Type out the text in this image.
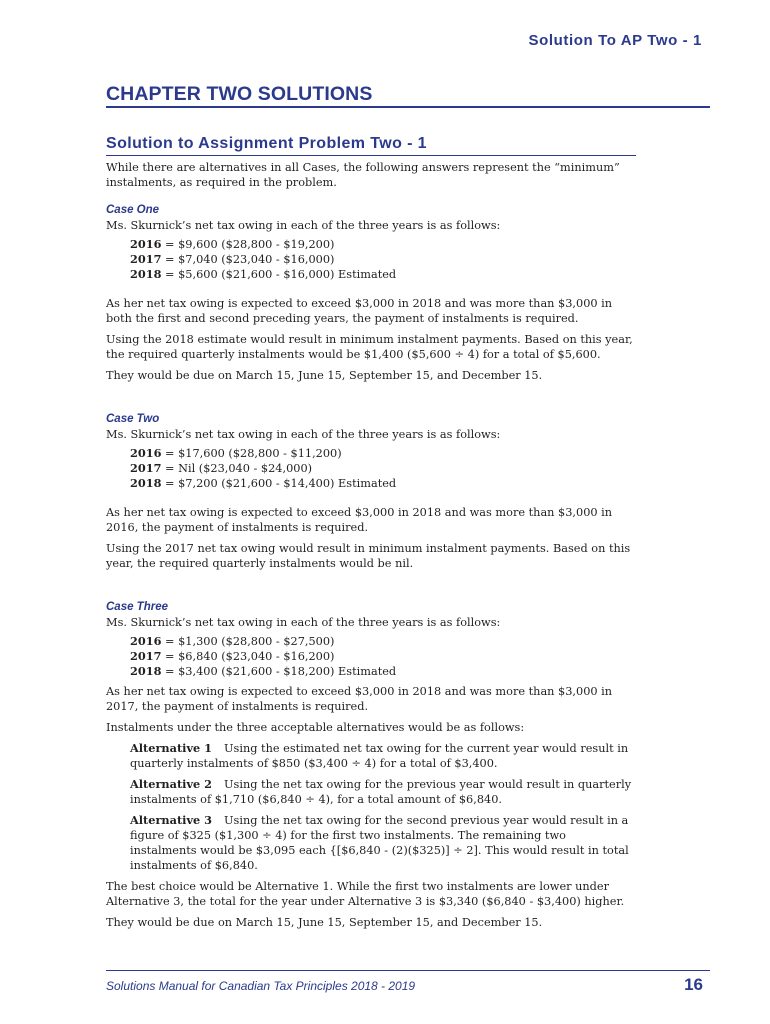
Solution To AP Two - 1
CHAPTER TWO SOLUTIONS
Solution to Assignment Problem Two - 1

While there are alternatives in all Cases, the following answers represent the “minimum” instalments, as required in the problem.

Case One

Ms. Skurnick’s net tax owing in each of the three years is as follows:

2016 = $9,600 ($28,800 - $19,200)
2017 = $7,040 ($23,040 - $16,000)
2018 = $5,600 ($21,600 - $16,000) Estimated

As her net tax owing is expected to exceed $3,000 in 2018 and was more than $3,000 in both the first and second preceding years, the payment of instalments is required.

Using the 2018 estimate would result in minimum instalment payments. Based on this year, the required quarterly instalments would be $1,400 ($5,600 ÷ 4) for a total of $5,600.

They would be due on March 15, June 15, September 15, and December 15.

Case Two

Ms. Skurnick’s net tax owing in each of the three years is as follows:

2016 = $17,600 ($28,800 - $11,200)
2017 = Nil ($23,040 - $24,000)
2018 = $7,200 ($21,600 - $14,400) Estimated

As her net tax owing is expected to exceed $3,000 in 2018 and was more than $3,000 in 2016, the payment of instalments is required.

Using the 2017 net tax owing would result in minimum instalment payments. Based on this year, the required quarterly instalments would be nil.

Case Three

Ms. Skurnick’s net tax owing in each of the three years is as follows:

2016 = $1,300 ($28,800 - $27,500)
2017 = $6,840 ($23,040 - $16,200)
2018 = $3,400 ($21,600 - $18,200) Estimated

As her net tax owing is expected to exceed $3,000 in 2018 and was more than $3,000 in 2017, the payment of instalments is required.

Instalments under the three acceptable alternatives would be as follows:

Alternative 1 Using the estimated net tax owing for the current year would result in quarterly instalments of $850 ($3,400 ÷ 4) for a total of $3,400.
Alternative 2 Using the net tax owing for the previous year would result in quarterly instalments of $1,710 ($6,840 ÷ 4), for a total amount of $6,840.
Alternative 3 Using the net tax owing for the second previous year would result in a figure of $325 ($1,300 ÷ 4) for the first two instalments. The remaining two instalments would be $3,095 each {[$6,840 - (2)($325)] ÷ 2]. This would result in total instalments of $6,840.

The best choice would be Alternative 1. While the first two instalments are lower under Alternative 3, the total for the year under Alternative 3 is $3,340 ($6,840 - $3,400) higher.

They would be due on March 15, June 15, September 15, and December 15.

Solutions Manual for Canadian Tax Principles 2018 - 2019	16
